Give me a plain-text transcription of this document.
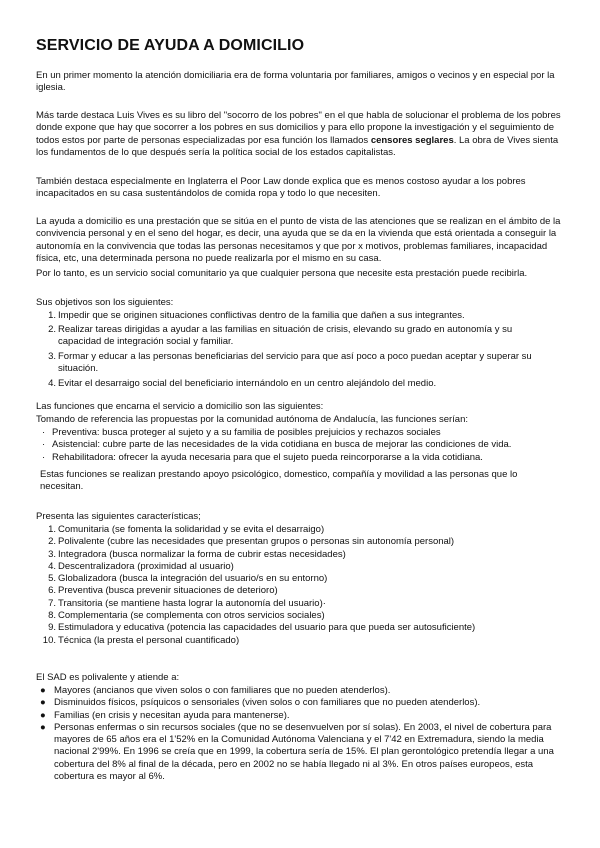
SERVICIO DE AYUDA A DOMICILIO

En un primer momento la atención domiciliaria era de forma voluntaria por familiares, amigos o vecinos y en especial por la iglesia.

Más tarde destaca Luis Vives es su libro del "socorro de los pobres" en el que habla de solucionar el problema de los pobres donde expone que hay que socorrer a los pobres en sus domicilios y para ello propone la investigación y el seguimiento de todos estos por parte de personas especializadas por esa función los llamados censores seglares. La obra de Vives sienta los fundamentos de lo que después sería la política social de los estados capitalistas.

También destaca especialmente en Inglaterra el Poor Law donde explica que es menos costoso ayudar a los pobres incapacitados en su casa sustentándolos de comida ropa y todo lo que necesiten.

La ayuda a domicilio es una prestación que se sitúa en el punto de vista de las atenciones que se realizan en el ámbito de la convivencia personal y en el seno del hogar, es decir, una ayuda que se da en la vivienda que está orientada a conseguir la autonomía en la convivencia que todas las personas necesitamos y que por x motivos, problemas familiares, incapacidad física, etc, una determinada persona no puede realizarla por el mismo en su casa.

Por lo tanto, es un servicio social comunitario ya que cualquier persona que necesite esta prestación puede recibirla.

Sus objetivos son los siguientes:

1. Impedir que se originen situaciones conflictivas dentro de la familia que dañen a sus integrantes.
2. Realizar tareas dirigidas a ayudar a las familias en situación de crisis, elevando su grado en autonomía y su capacidad de integración social y familiar.
3. Formar y educar a las personas beneficiarias del servicio para que así poco a poco puedan aceptar y superar su situación.
4. Evitar el desarraigo social del beneficiario internándolo en un centro alejándolo del medio.

Las funciones que encarna el servicio a domicilio son las siguientes:

Tomando de referencia las propuestas por la comunidad autónoma de Andalucía, las funciones serían:

· Preventiva: busca proteger al sujeto y a su familia de posibles prejuicios y rechazos sociales
· Asistencial: cubre parte de las necesidades de la vida cotidiana en busca de mejorar las condiciones de vida.
· Rehabilitadora: ofrecer la ayuda necesaria para que el sujeto pueda reincorporarse a la vida cotidiana.

Estas funciones se realizan prestando apoyo psicológico, domestico, compañía y movilidad a las personas que lo necesitan.

Presenta las siguientes características;

1. Comunitaria (se fomenta la solidaridad y se evita el desarraigo)
2. Polivalente (cubre las necesidades que presentan grupos o personas sin autonomía personal)
3. Integradora (busca normalizar la forma de cubrir estas necesidades)
4. Descentralizadora (proximidad al usuario)
5. Globalizadora (busca la integración del usuario/s en su entorno)
6. Preventiva (busca prevenir situaciones de deterioro)
7. Transitoria (se mantiene hasta lograr la autonomía del usuario)·
8. Complementaria (se complementa con otros servicios sociales)
9. Estimuladora y educativa (potencia las capacidades del usuario para que pueda ser autosuficiente)
10. Técnica (la presta el personal cuantificado)

El SAD es polivalente y atiende a:

● Mayores (ancianos que viven solos o con familiares que no pueden atenderlos).
● Disminuidos físicos, psíquicos o sensoriales (viven solos o con familiares que no pueden atenderlos).
● Familias (en crisis y necesitan ayuda para mantenerse).
● Personas enfermas o sin recursos sociales (que no se desenvuelven por sí solas). En 2003, el nivel de cobertura para mayores de 65 años era el 1'52% en la Comunidad Autónoma Valenciana y el 7'42 en Extremadura, siendo la media nacional 2'99%. En 1996 se creía que en 1999, la cobertura sería de 15%. El plan gerontológico pretendía llegar a una cobertura del 8% al final de la década, pero en 2002 no se había llegado ni al 3%. En otros países europeos, esta cobertura es mayor al 6%.
